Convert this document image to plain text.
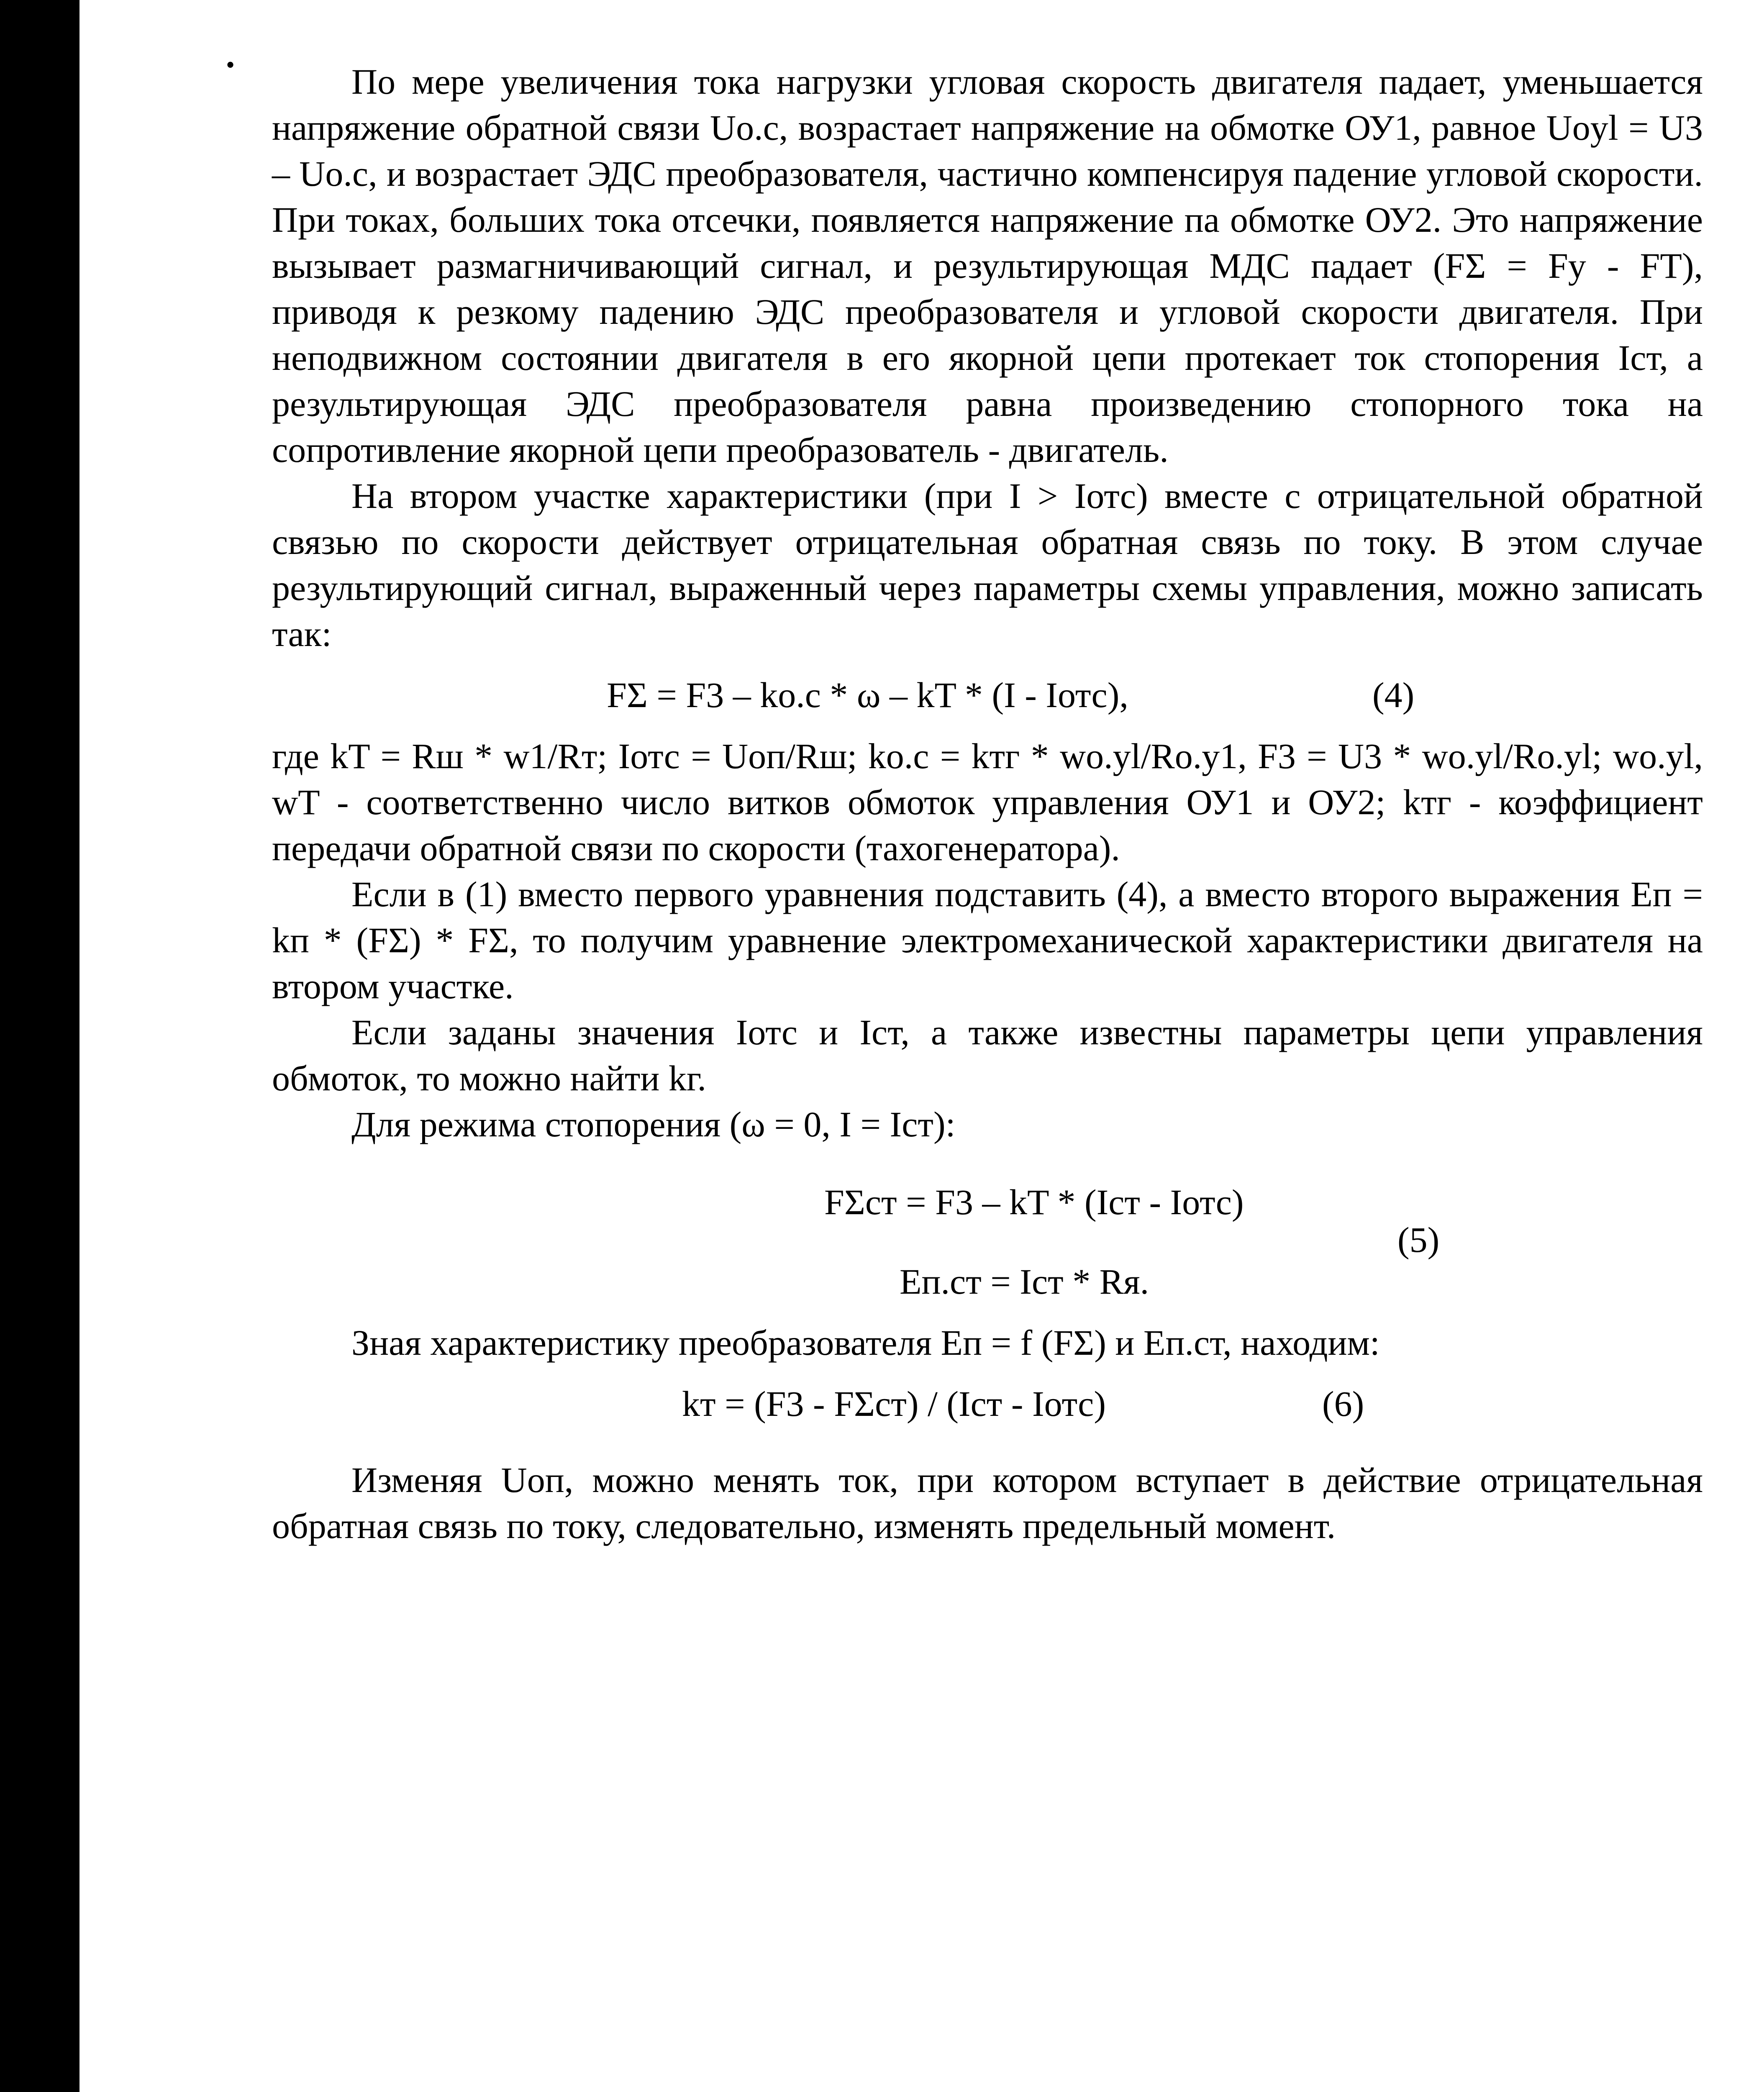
•	По мере увеличения тока нагрузки угловая скорость двигателя падает, уменьшается напряжение обратной связи Uo.c, возрастает напряжение на обмотке ОУ1, равное Uoyl = U3 – Uo.c, и возрастает ЭДС преобразователя, частично компенсируя падение угловой скорости. При токах, больших тока отсечки, появляется напряжение па обмотке ОУ2. Это напряжение вызывает размагничивающий сигнал, и результирующая МДС падает (FΣ = Fy - FT), приводя к резкому падению ЭДС преобразователя и угловой скорости двигателя. При неподвижном состоянии двигателя в его якорной цепи протекает ток стопорения Iст, а результирующая ЭДС преобразователя равна произведению стопорного тока на сопротивление якорной цепи преобразователь - двигатель.

На втором участке характеристики (при I > Iотс) вместе с отрицательной обратной связью по скорости действует отрицательная обратная связь по току. В этом случае результирующий сигнал, выраженный через параметры схемы управления, можно записать так:

FΣ = F3 – ko.c * ω – kT * (I - Iотс),	(4)

где kT = Rш * w1/Rт; Iотс = Uоп/Rш; ko.c = kтг * wo.yl/Ro.y1, F3 = U3 * wo.yl/Ro.yl; wo.yl, wT - соответственно число витков обмоток управления ОУ1 и ОУ2; kтг - коэффициент передачи обратной связи по скорости (тахогенератора).

Если в (1) вместо первого уравнения подставить (4), а вместо второго выражения Eп = kп * (FΣ) * FΣ, то получим уравнение электромеханической характеристики двигателя на втором участке.

Если заданы значения Iотс и Iст, а также известны параметры цепи управления обмоток, то можно найти kг.

Для режима стопорения (ω = 0, I = Iст):

FΣст = F3 – kT * (Iст - Iотс)
Eп.ст = Iст * Rя.
(5)

Зная характеристику преобразователя Eп = f (FΣ) и Eп.ст, находим:

kт = (F3 - FΣст) / (Iст - Iотс)	(6)

Изменяя Uоп, можно менять ток, при котором вступает в действие отрицательная обратная связь по току, следовательно, изменять предельный момент.
